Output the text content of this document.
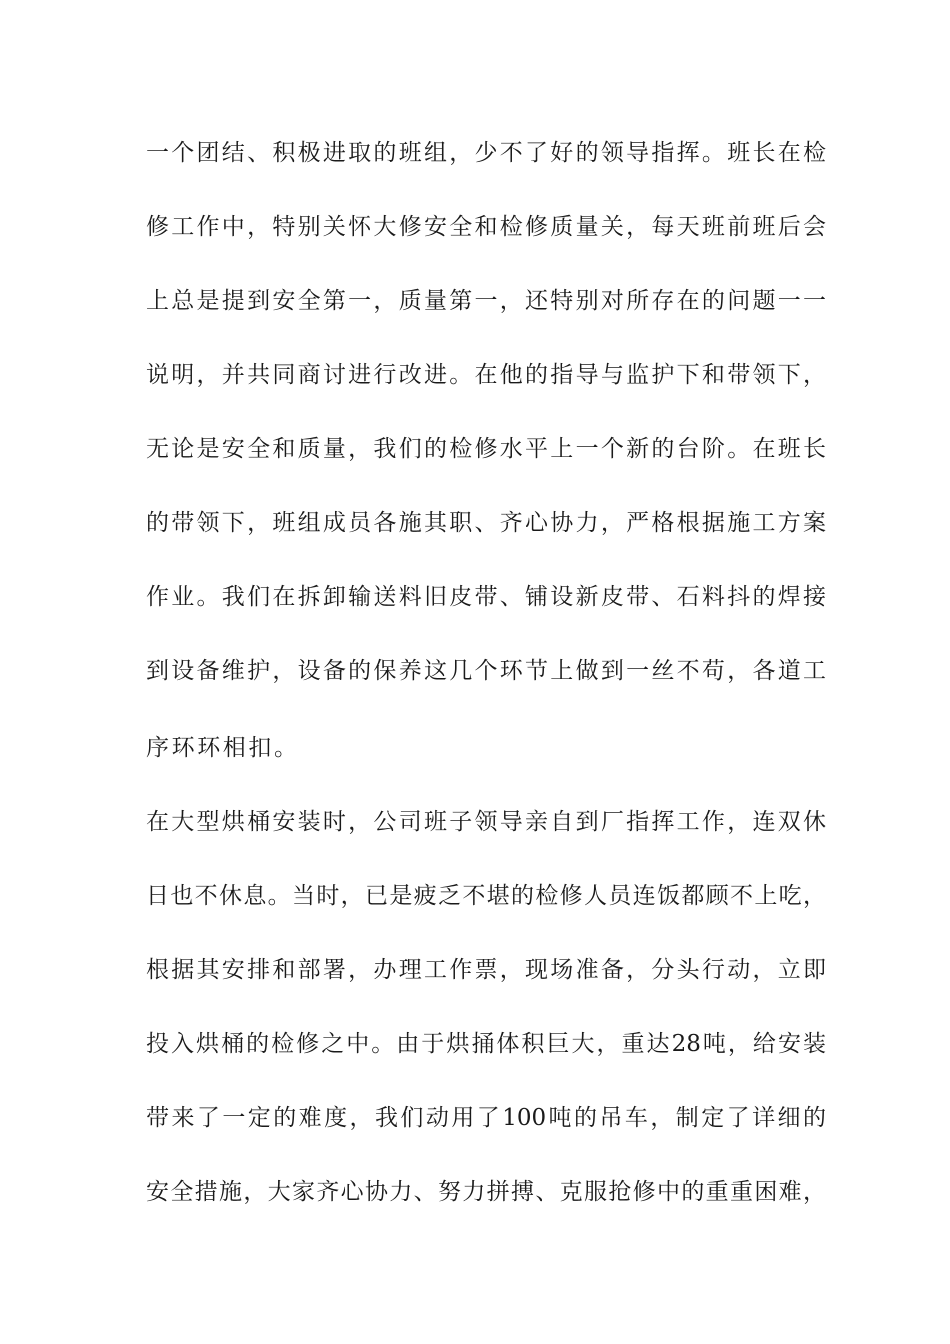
一个团结、积极进取的班组，少不了好的领导指挥。班长在检
修工作中，特别关怀大修安全和检修质量关，每天班前班后会
上总是提到安全第一，质量第一，还特别对所存在的问题一一
说明，并共同商讨进行改进。在他的指导与监护下和带领下，
无论是安全和质量，我们的检修水平上一个新的台阶。在班长
的带领下，班组成员各施其职、齐心协力，严格根据施工方案
作业。我们在拆卸输送料旧皮带、铺设新皮带、石料抖的焊接
到设备维护，设备的保养这几个环节上做到一丝不苟，各道工
序环环相扣。
在大型烘桶安装时，公司班子领导亲自到厂指挥工作，连双休
日也不休息。当时，已是疲乏不堪的检修人员连饭都顾不上吃，
根据其安排和部署，办理工作票，现场准备，分头行动，立即
投入烘桶的检修之中。由于烘捅体积巨大，重达28吨，给安装
带来了一定的难度，我们动用了100吨的吊车，制定了详细的
安全措施，大家齐心协力、努力拼搏、克服抢修中的重重困难，
